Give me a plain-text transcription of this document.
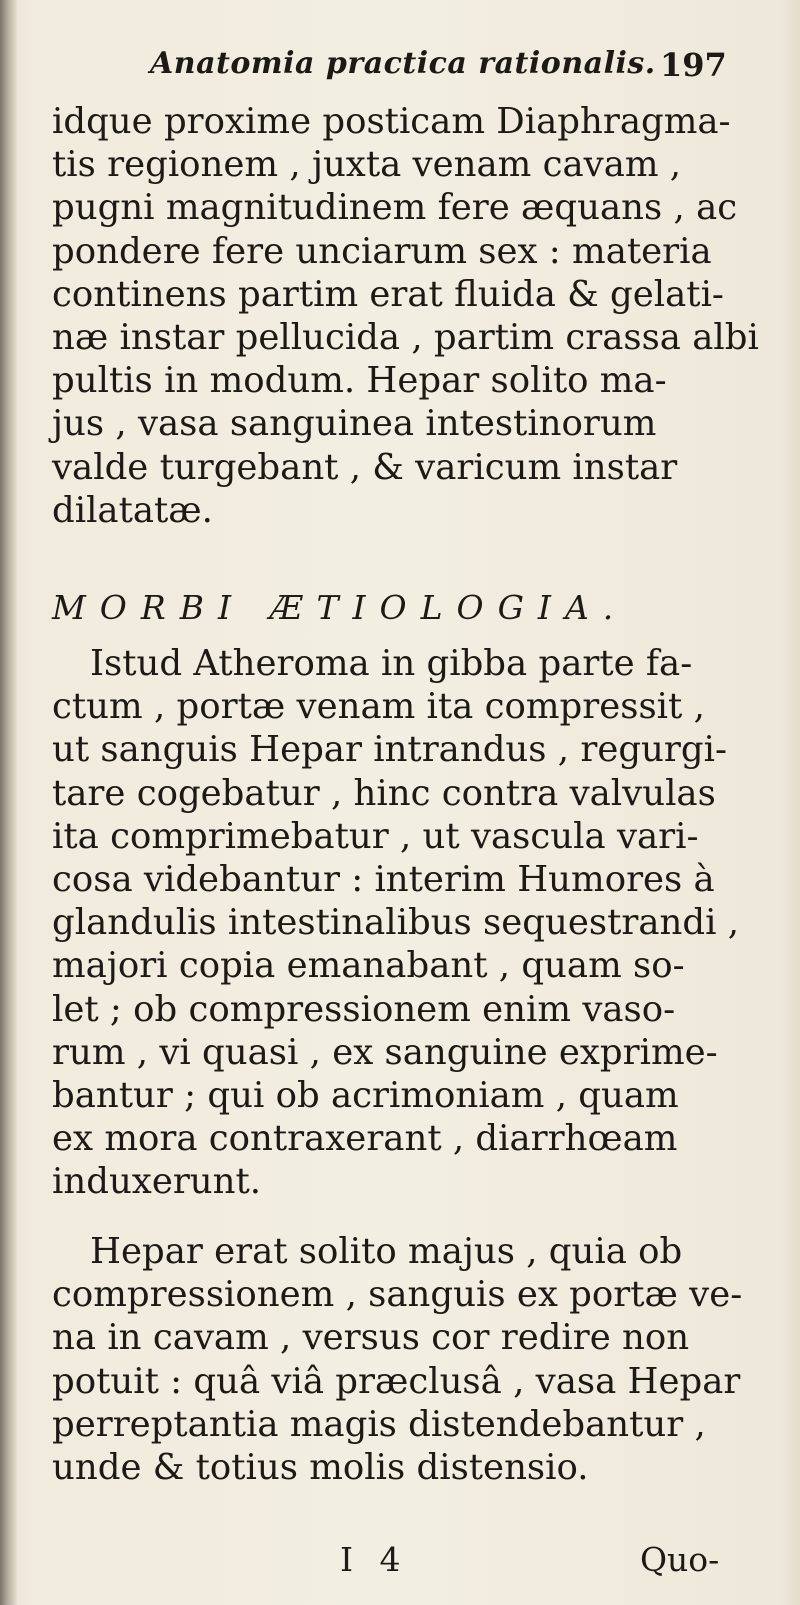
Anatomia practica rationalis. 197
idque proxime posticam Diaphragma-
tis regionem , juxta venam cavam ,
pugni magnitudinem fere æquans , ac
pondere fere unciarum sex : materia
continens partim erat fluida & gelati-
næ instar pellucida , partim crassa albi
pultis in modum. Hepar solito ma-
jus , vasa sanguinea intestinorum
valde turgebant , & varicum instar
dilatatæ.
MORBI ÆTIOLOGIA.
Istud Atheroma in gibba parte fa-
ctum , portæ venam ita compressit ,
ut sanguis Hepar intrandus , regurgi-
tare cogebatur , hinc contra valvulas
ita comprimebatur , ut vascula vari-
cosa videbantur : interim Humores à
glandulis intestinalibus sequestrandi ,
majori copia emanabant , quam so-
let ; ob compressionem enim vaso-
rum , vi quasi , ex sanguine exprime-
bantur ; qui ob acrimoniam , quam
ex mora contraxerant , diarrhœam
induxerunt.
Hepar erat solito majus , quia ob
compressionem , sanguis ex portæ ve-
na in cavam , versus cor redire non
potuit : quâ viâ præclusâ , vasa Hepar
perreptantia magis distendebantur ,
unde & totius molis distensio.
I 4	Quo-
